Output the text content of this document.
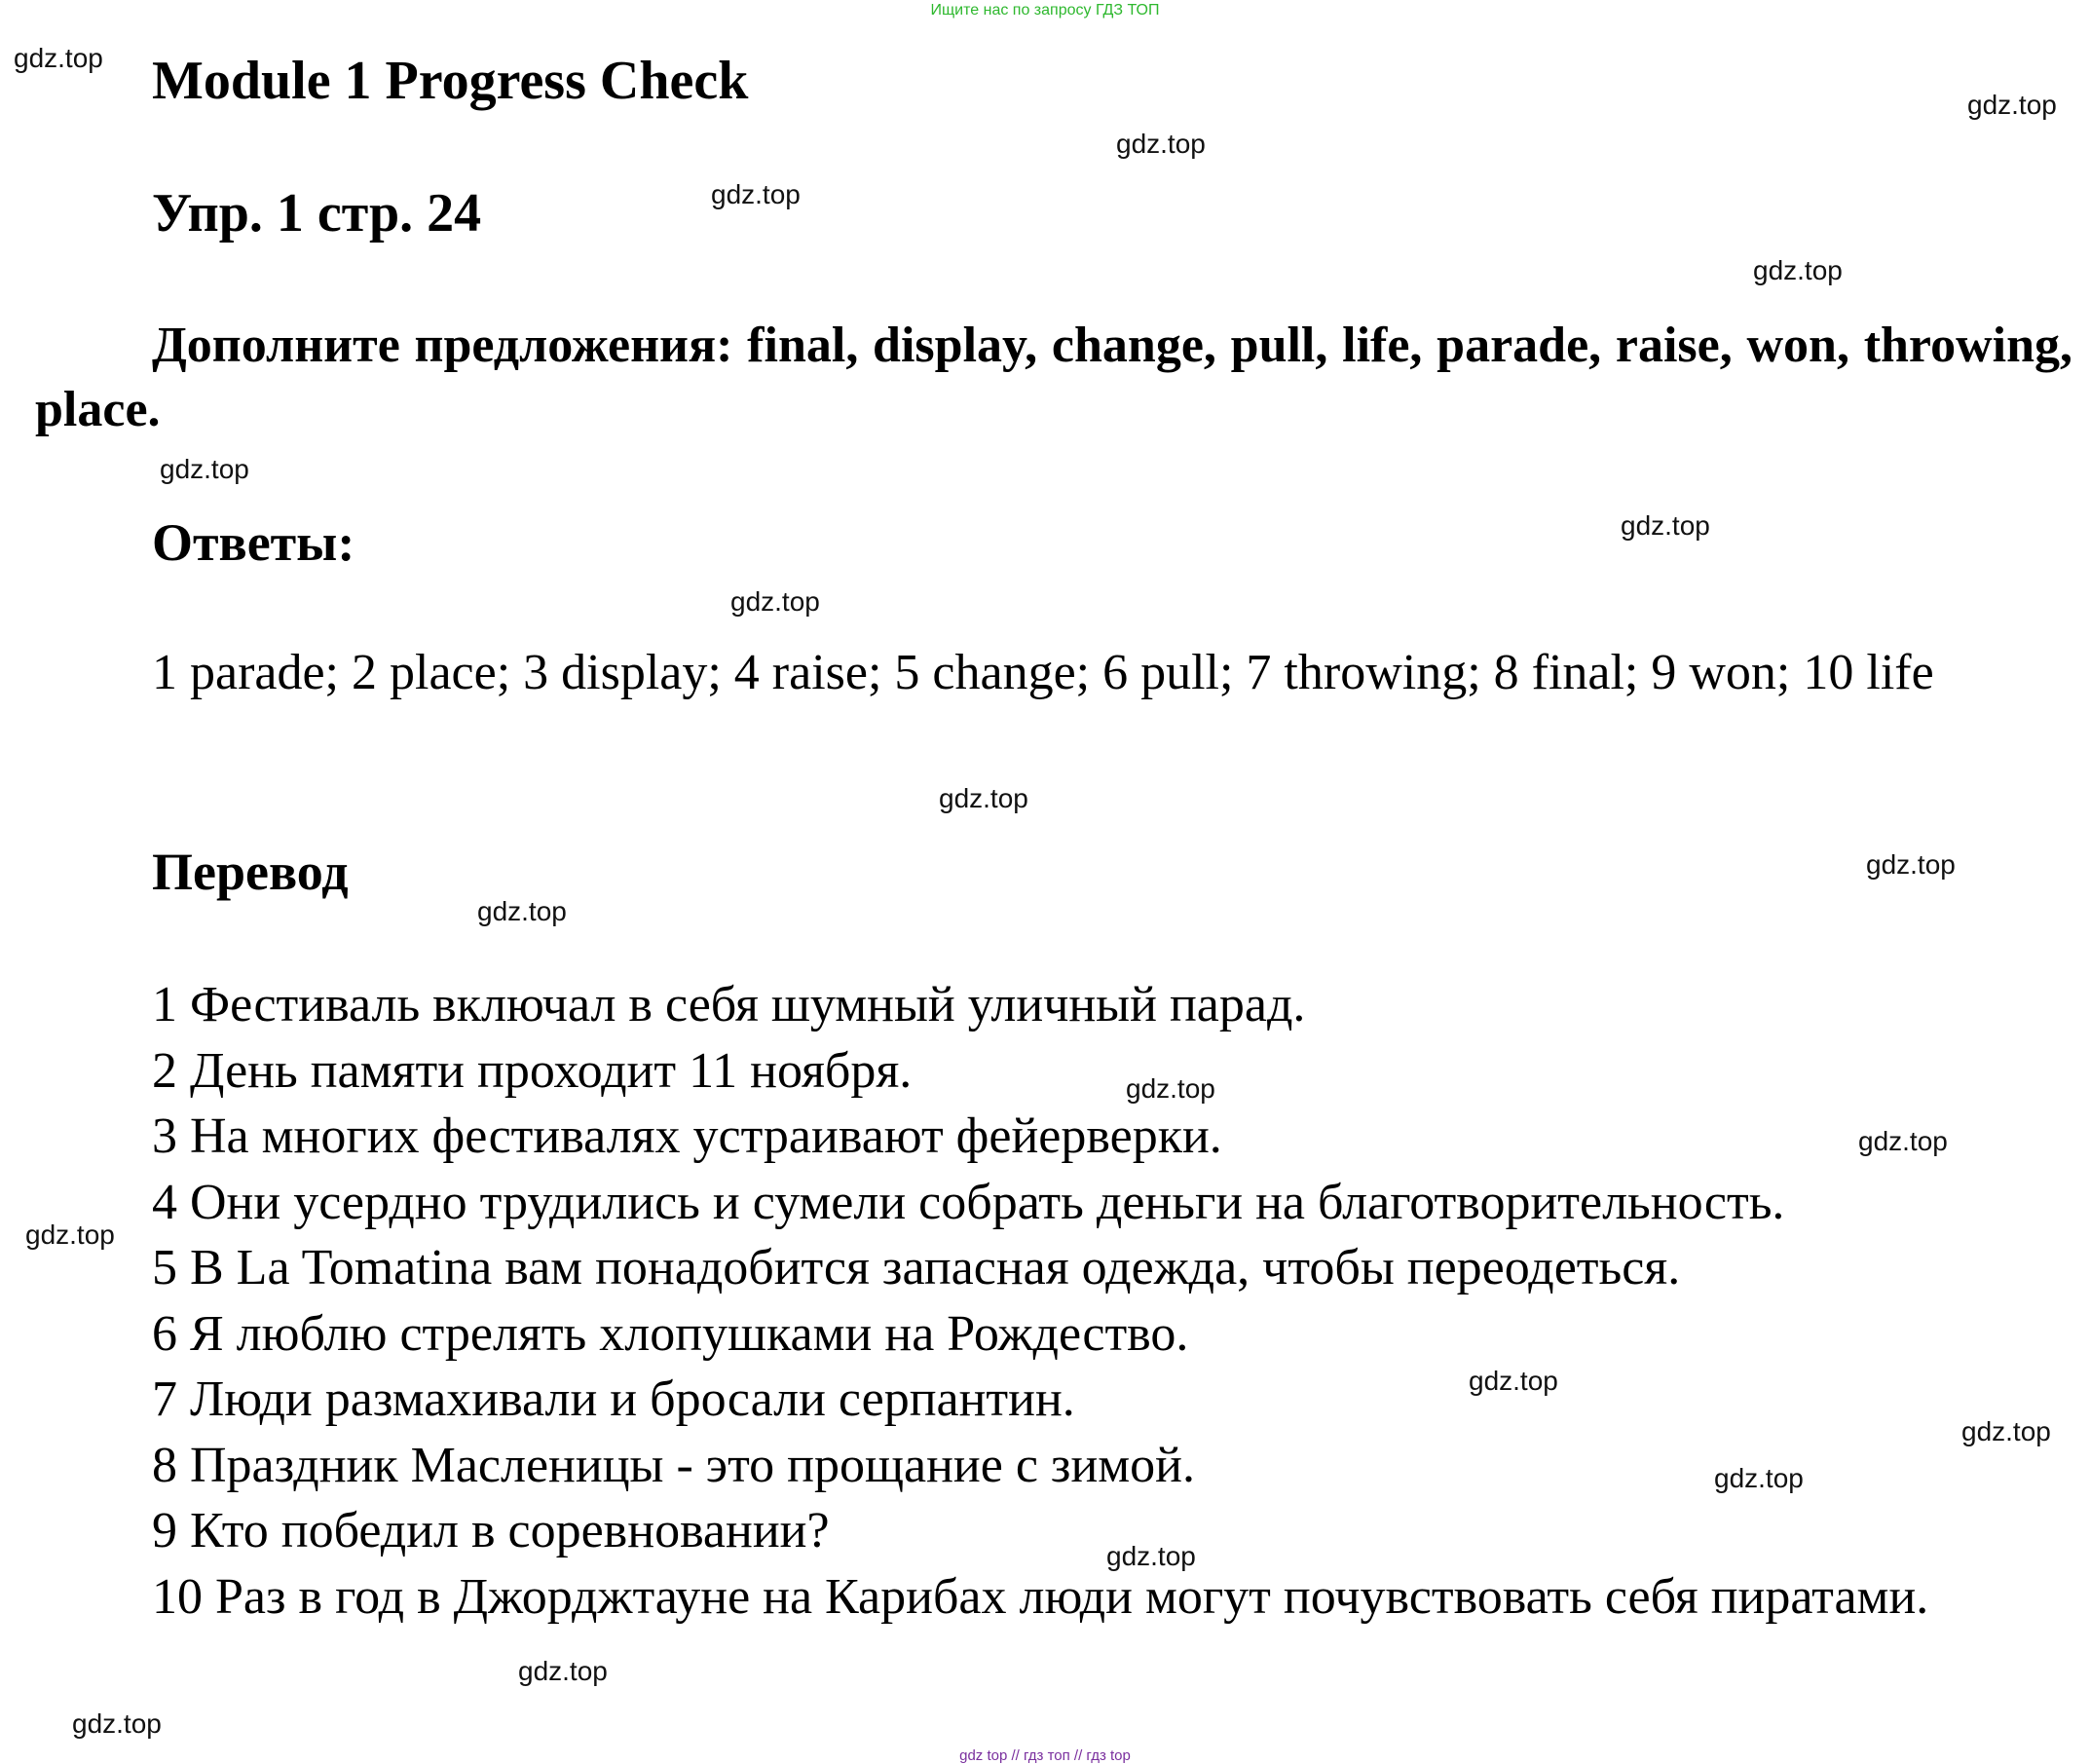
Ищите нас по запросу ГДЗ ТОП
Module 1 Progress Check
Упр. 1 стр. 24

Дополните предложения: final, display, change, pull, life, parade, raise, won, throwing, place.

Ответы:

1 parade; 2 place; 3 display; 4 raise; 5 change; 6 pull; 7 throwing; 8 final; 9 won; 10 life

Перевод
1 Фестиваль включал в себя шумный уличный парад.
2 День памяти проходит 11 ноября.
3 На многих фестивалях устраивают фейерверки.
4 Они усердно трудились и сумели собрать деньги на благотворительность.
5 В La Tomatina вам понадобится запасная одежда, чтобы переодеться.
6 Я люблю стрелять хлопушками на Рождество.
7 Люди размахивали и бросали серпантин.
8 Праздник Масленицы - это прощание с зимой.
9 Кто победил в соревновании?
10 Раз в год в Джорджтауне на Карибах люди могут почувствовать себя пиратами.
gdz.top
gdz.top
gdz.top
gdz.top
gdz.top
gdz.top
gdz.top
gdz.top
gdz.top
gdz.top
gdz.top
gdz.top
gdz.top
gdz.top
gdz.top
gdz.top
gdz.top
gdz.top
gdz.top
gdz.top
gdz top // гдз топ // гдз top
